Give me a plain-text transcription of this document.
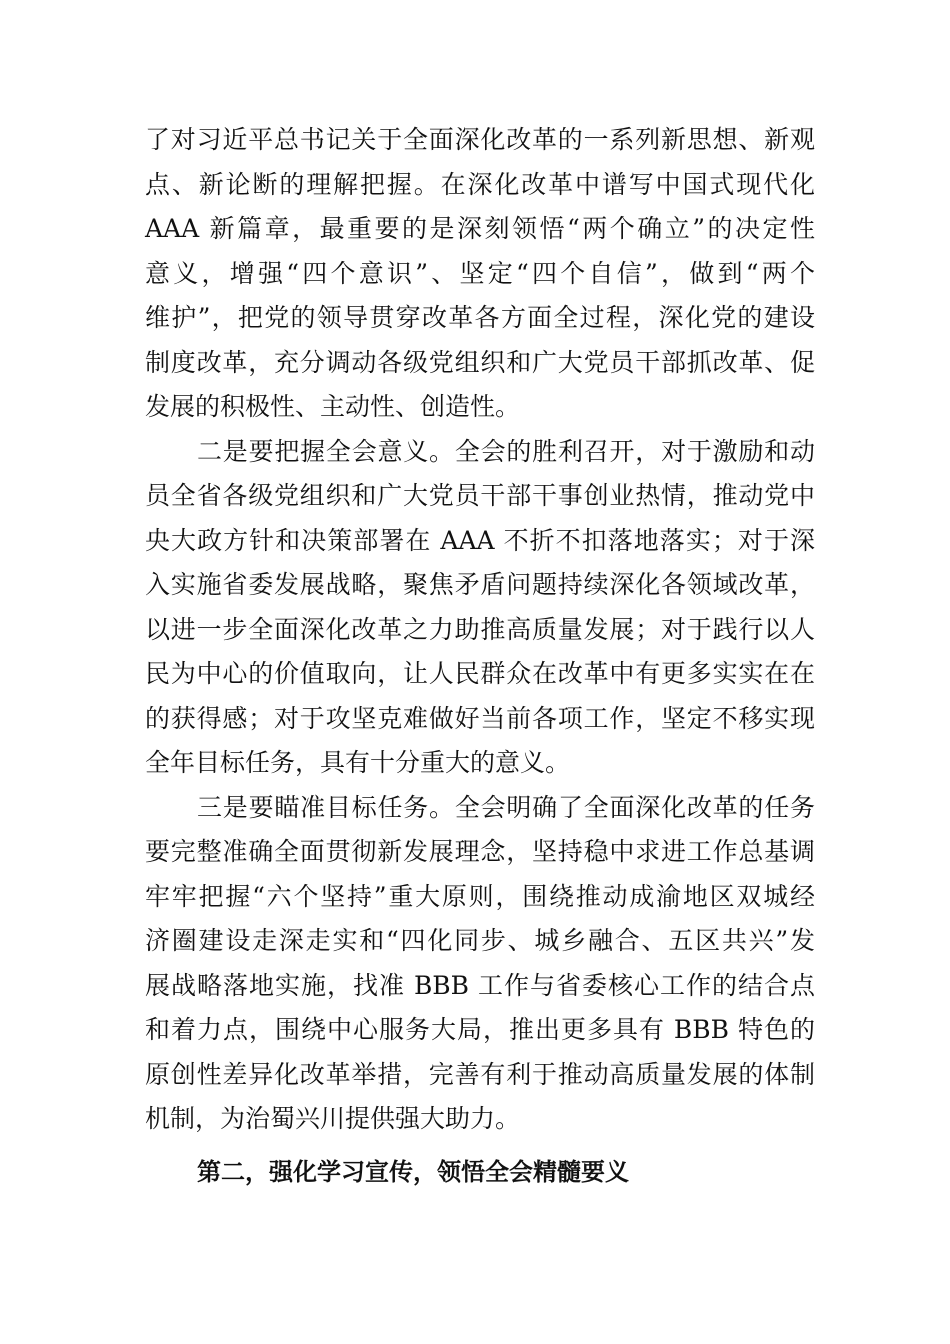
了对习近平总书记关于全面深化改革的一系列新思想、新观
点、新论断的理解把握。在深化改革中谱写中国式现代化
AAA 新篇章，最重要的是深刻领悟“两个确立”的决定性
意义，增强“四个意识”、坚定“四个自信”，做到“两个
维护”，把党的领导贯穿改革各方面全过程，深化党的建设
制度改革，充分调动各级党组织和广大党员干部抓改革、促
发展的积极性、主动性、创造性。
二是要把握全会意义。全会的胜利召开，对于激励和动
员全省各级党组织和广大党员干部干事创业热情，推动党中
央大政方针和决策部署在 AAA 不折不扣落地落实；对于深
入实施省委发展战略，聚焦矛盾问题持续深化各领域改革，
以进一步全面深化改革之力助推高质量发展；对于践行以人
民为中心的价值取向，让人民群众在改革中有更多实实在在
的获得感；对于攻坚克难做好当前各项工作，坚定不移实现
全年目标任务，具有十分重大的意义。
三是要瞄准目标任务。全会明确了全面深化改革的任务
要完整准确全面贯彻新发展理念，坚持稳中求进工作总基调
牢牢把握“六个坚持”重大原则，围绕推动成渝地区双城经
济圈建设走深走实和“四化同步、城乡融合、五区共兴”发
展战略落地实施，找准 BBB 工作与省委核心工作的结合点
和着力点，围绕中心服务大局，推出更多具有 BBB 特色的
原创性差异化改革举措，完善有利于推动高质量发展的体制
机制，为治蜀兴川提供强大助力。
第二，强化学习宣传，领悟全会精髓要义
